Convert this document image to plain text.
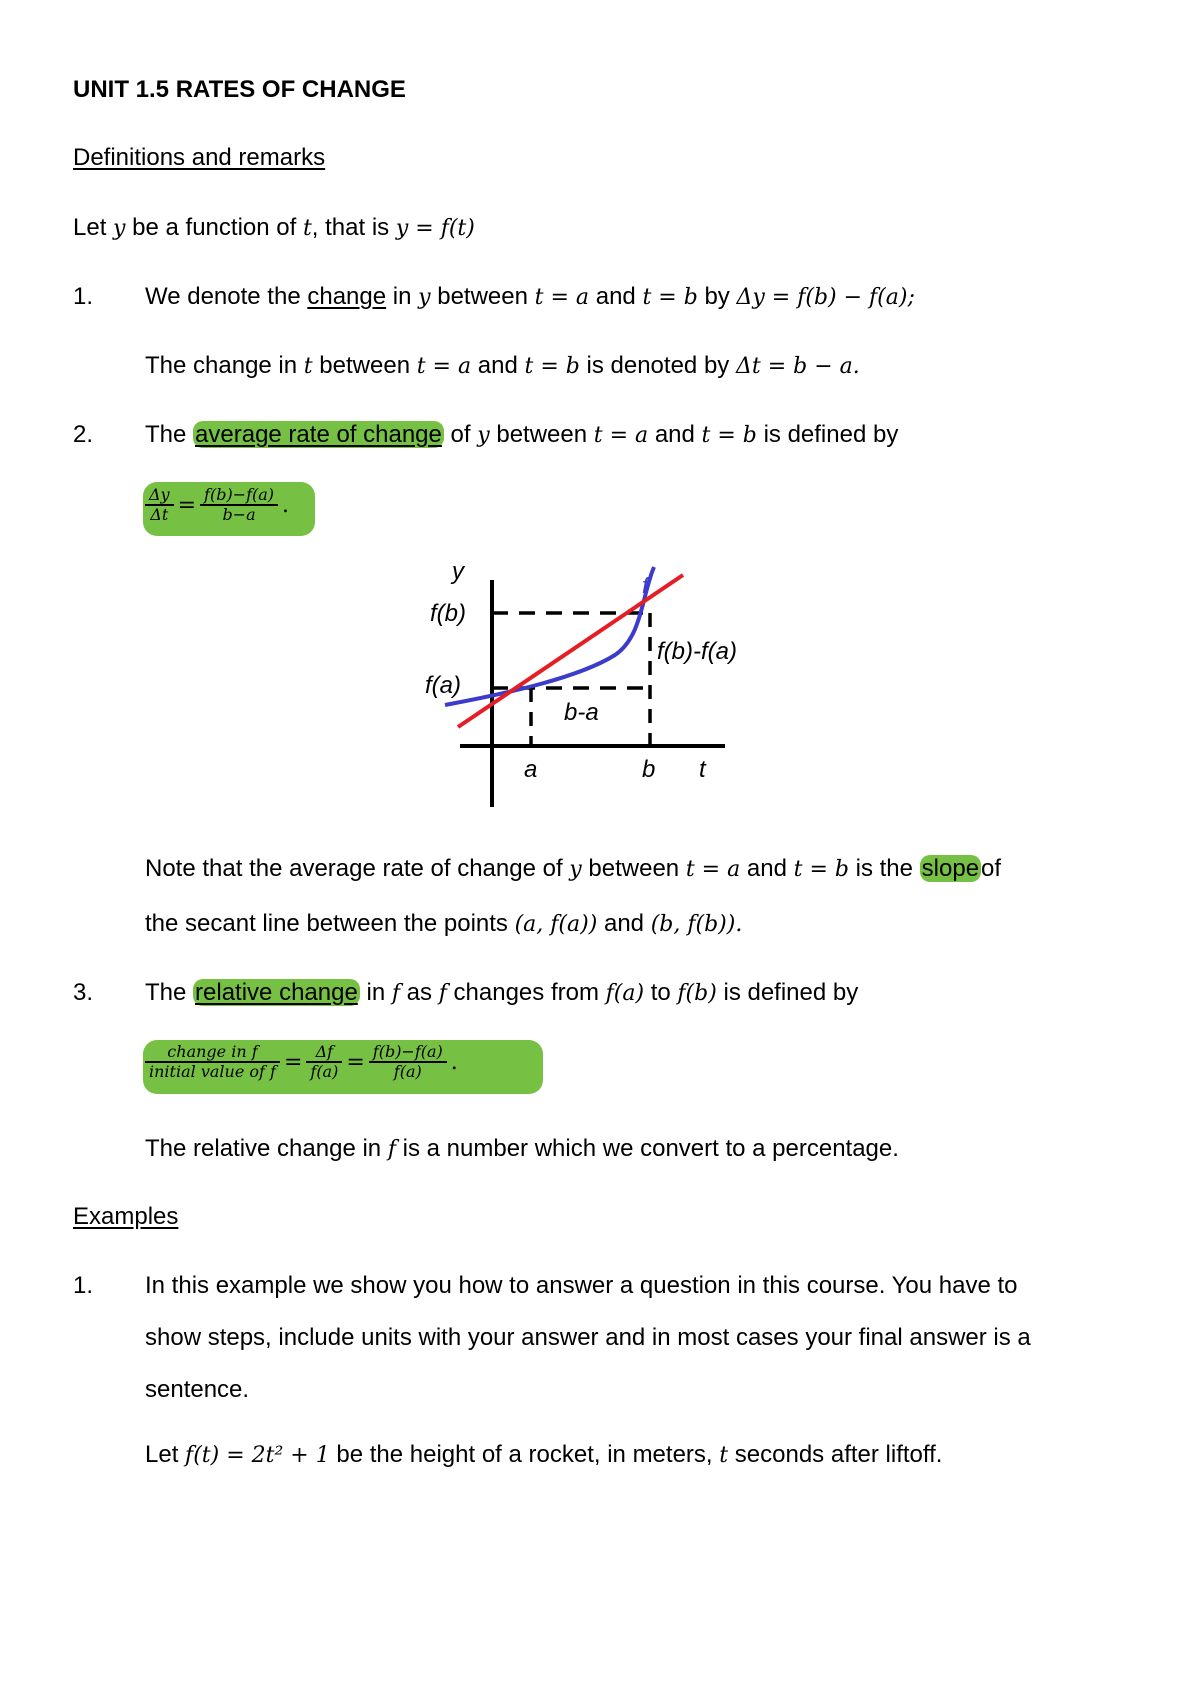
UNIT 1.5 RATES OF CHANGE
Definitions and remarks
Let y be a function of t, that is y = f(t)
1. We denote the change in y between t = a and t = b by Δy = f(b) − f(a);
The change in t between t = a and t = b is denoted by Δt = b − a.
2. The average rate of change of y between t = a and t = b is defined by
$\frac{\Delta y}{\Delta t} = \frac{f(b)-f(a)}{b-a}$ .
y
f(b)
f(a)
f
f(b)-f(a)
b-a
a	b t
Note that the average rate of change of y between t = a and t = b is the slopeof
the secant line between the points (a, f(a)) and (b, f(b)).
3. The relative change in f as f changes from f(a) to f(b) is defined by
$\frac{\text{change in f}}{\text{initial value of f}} = \frac{\Delta f}{f(a)} = \frac{f(b)-f(a)}{f(a)}$ .
The relative change in f is a number which we convert to a percentage.
Examples
1. In this example we show you how to answer a question in this course. You have to
show steps, include units with your answer and in most cases your final answer is a
sentence.
Let f(t) = 2t² + 1 be the height of a rocket, in meters, t seconds after liftoff.
